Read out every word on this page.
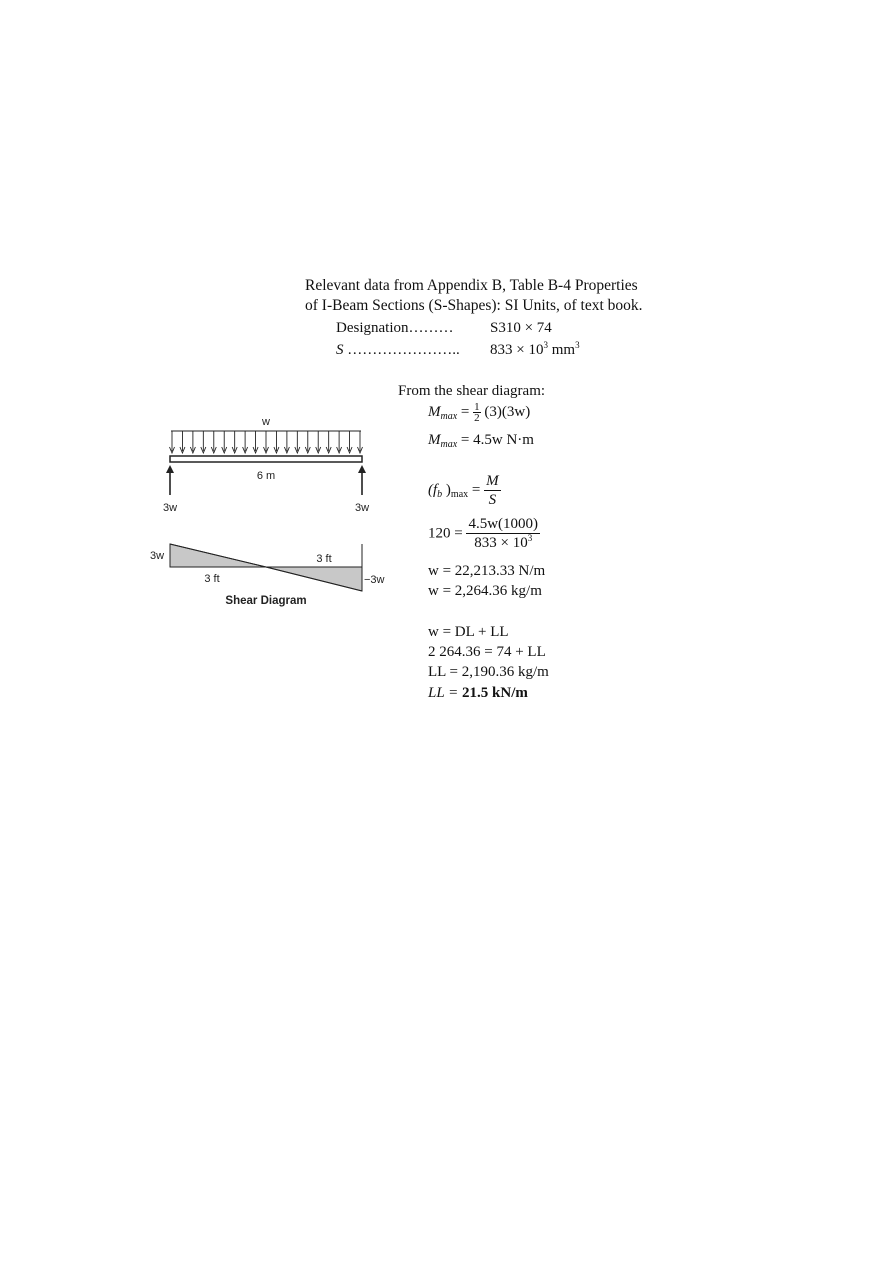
Relevant data from Appendix B, Table B-4 Properties
of I-Beam Sections (S-Shapes): SI Units, of text book.
Designation……… S310 × 74
S ………………….. $833 \times 10^3$ $mm^3$
w
6 m
3w	3w
3w
−3w
3 ft
3 ft
Shear Diagram
From the shear diagram:
$M_{max} = \frac{1}{2} (3)(3w)$
$M_{max} = 4.5w$ N·m
($f_b$ )$_{max} = \frac{M}{S}$
$120 = \frac{4.5w(1000)}{833 \times 10^3}$
w = 22,213.33 N/m
w = 2,264.36 kg/m
w = DL + LL
2 264.36 = 74 + LL
LL = 2,190.36 kg/m
LL = 21.5 kN/m
